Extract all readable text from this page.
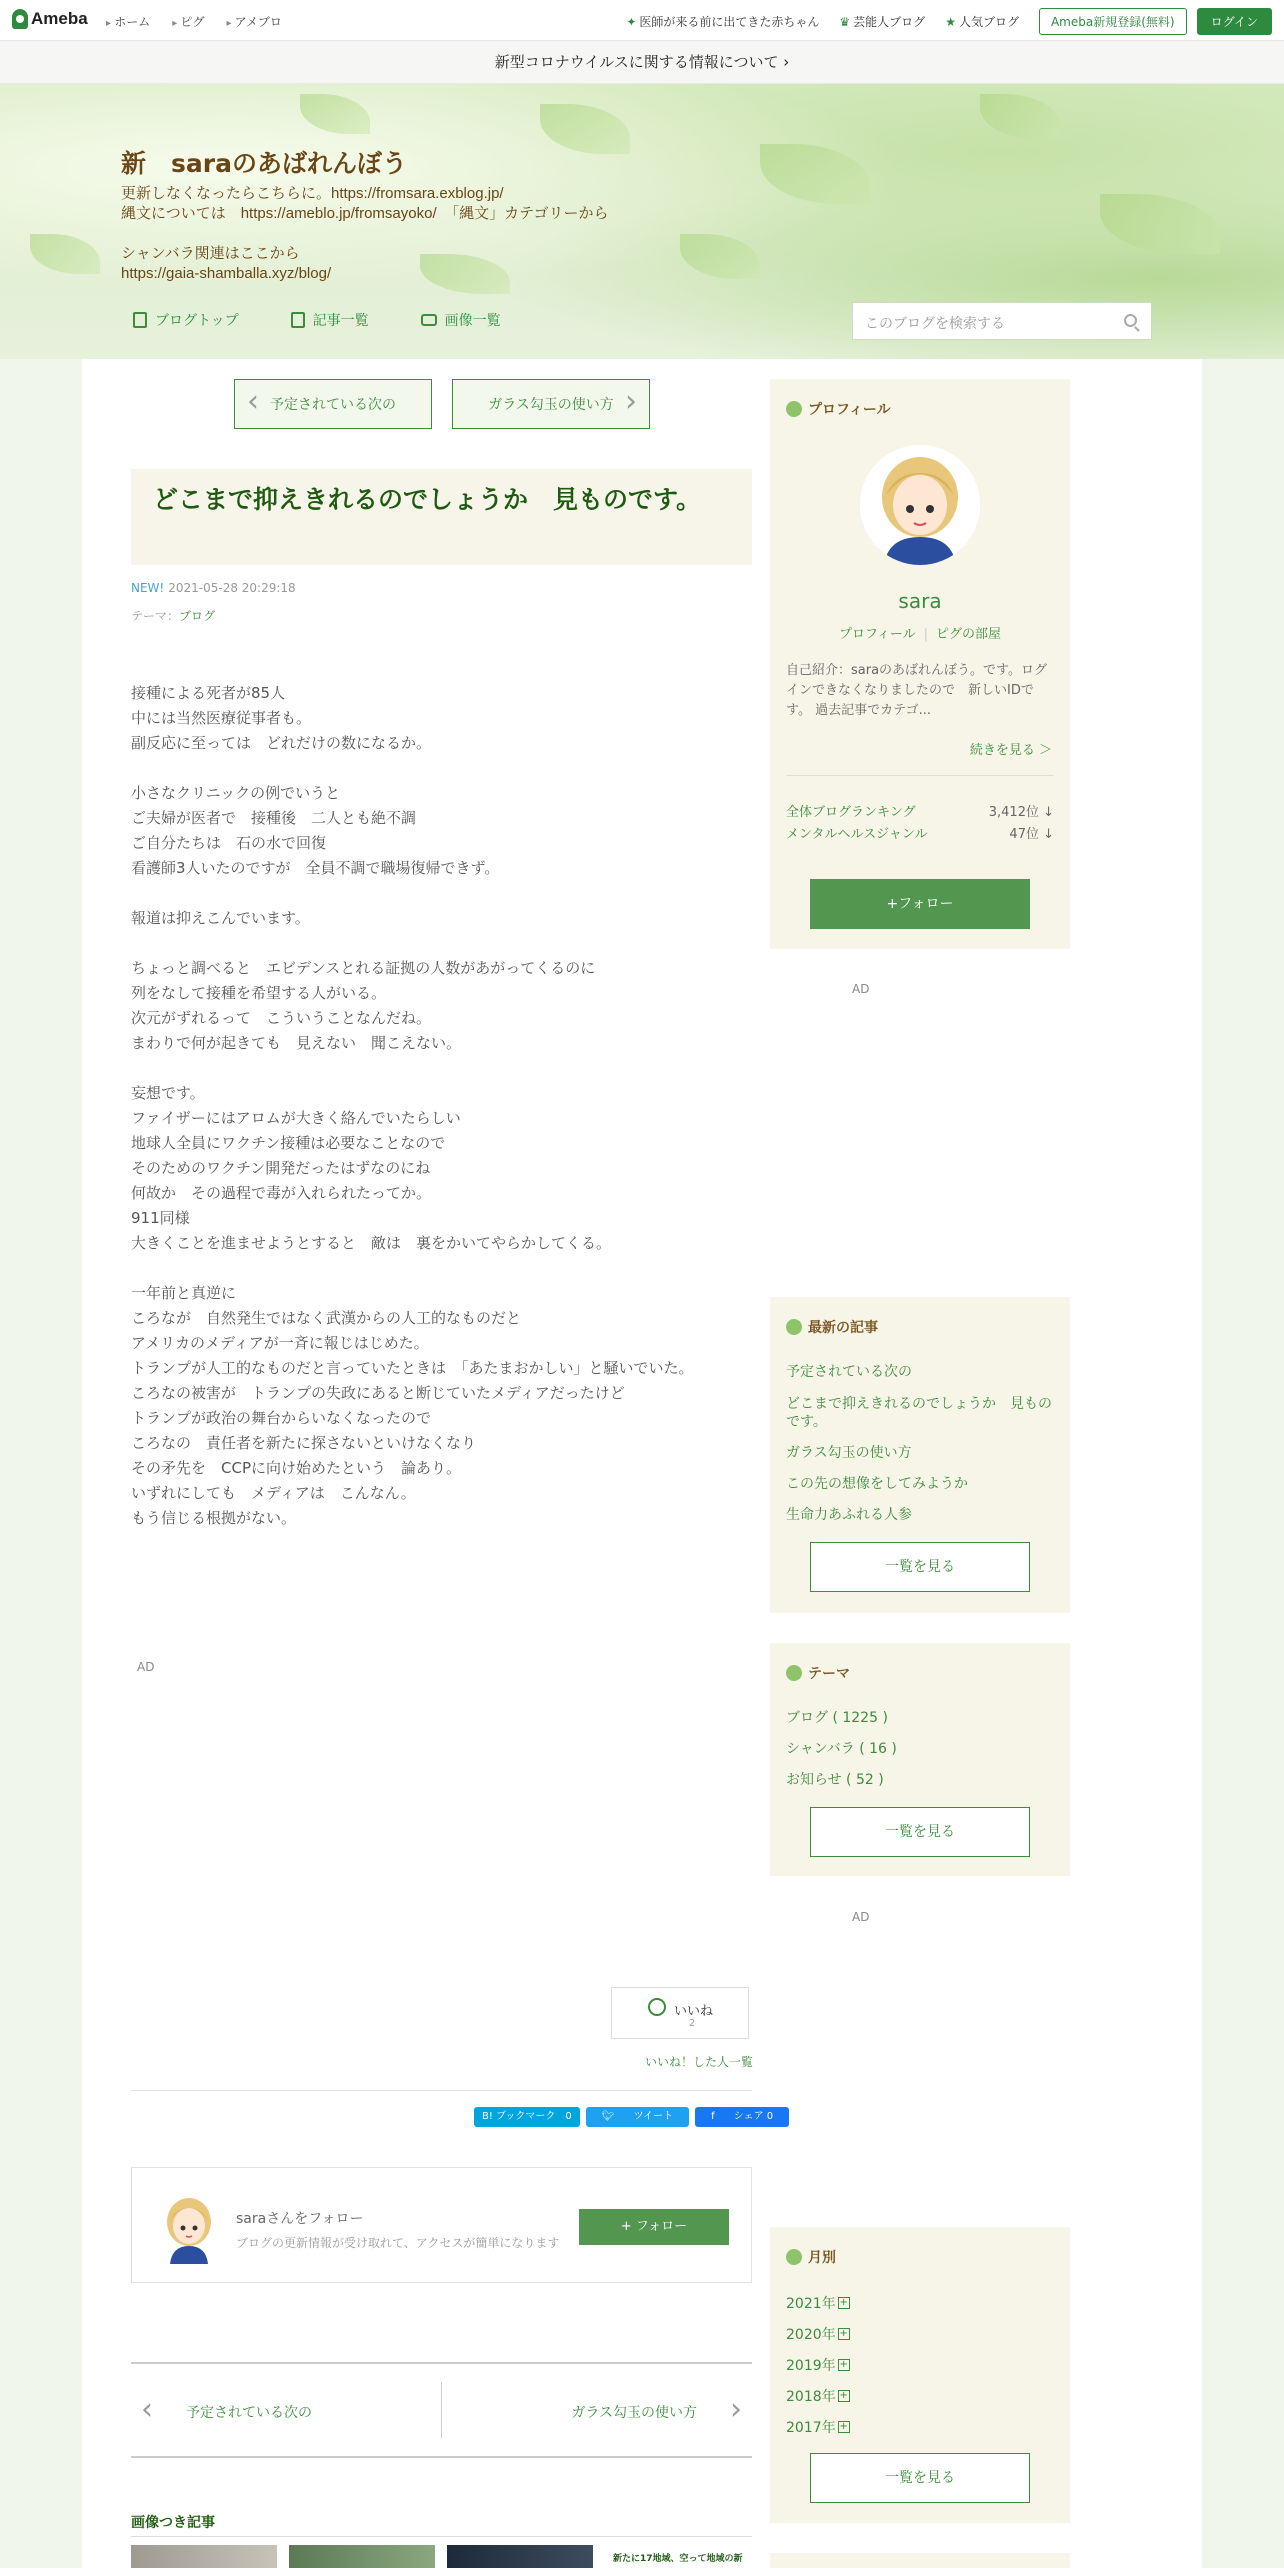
Ameba	▸ ホーム	▸ ピグ	▸ アメブロ	✦ 医師が来る前に出てきた赤ちゃん ♛ 芸能人ブログ ★ 人気ブログ	Ameba新規登録(無料)	ログイン
新型コロナウイルスに関する情報について ›
新　saraのあばれんぼう
更新しなくなったらこちらに。https://fromsara.exblog.jp/
縄文については　https://ameblo.jp/fromsayoko/　「縄文」カテゴリーから
シャンバラ関連はここから
https://gaia-shamballa.xyz/blog/
ブログトップ	記事一覧	画像一覧	このブログを検索する
‹ 予定されている次の	ガラス勾玉の使い方 ›
どこまで抑えきれるのでしょうか　見ものです。
NEW! 2021-05-28 20:29:18
テーマ：ブログ
接種による死者が85人
中には当然医療従事者も。
副反応に至っては　どれだけの数になるか。
小さなクリニックの例でいうと
ご夫婦が医者で　接種後　二人とも絶不調
ご自分たちは　石の水で回復
看護師3人いたのですが　全員不調で職場復帰できず。
報道は抑えこんでいます。
ちょっと調べると　エビデンスとれる証拠の人数があがってくるのに
列をなして接種を希望する人がいる。
次元がずれるって　こういうことなんだね。
まわりで何が起きても　見えない　聞こえない。
妄想です。
ファイザーにはアロムが大きく絡んでいたらしい
地球人全員にワクチン接種は必要なことなので
そのためのワクチン開発だったはずなのにね
何故か　その過程で毒が入れられたってか。
911同様
大きくことを進ませようとすると　敵は　裏をかいてやらかしてくる。
一年前と真逆に
ころなが　自然発生ではなく武漢からの人工的なものだと
アメリカのメディアが一斉に報じはじめた。
トランプが人工的なものだと言っていたときは　「あたまおかしい」と騒いでいた。
ころなの被害が　トランプの失政にあると断じていたメディアだったけど
トランプが政治の舞台からいなくなったので
ころなの　責任者を新たに探さないといけなくなり
その矛先を　CCPに向け始めたという　論あり。
いずれにしても　メディアは　こんなん。
もう信じる根拠がない。
AD
いいね
2
いいね！した人一覧
B! ブックマーク　0	🐦︎ ツイート	f シェア 0
saraさんをフォロー
ブログの更新情報が受け取れて、アクセスが簡単になります
+ フォロー
‹ 予定されている次の	ガラス勾玉の使い方 ›
画像つき記事
新たに17地域、空って地域の新
プロフィール
sara
プロフィール | ピグの部屋
自己紹介：saraのあばれんぼう。です。ログインできなくなりましたので　新しいIDです。 過去記事でカテゴ...
続きを見る ＞
全体ブログランキング	3,412位 ↓
メンタルヘルスジャンル	47位 ↓
+フォロー
AD
最新の記事
予定されている次の
どこまで抑えきれるのでしょうか　見ものです。
ガラス勾玉の使い方
この先の想像をしてみようか
生命力あふれる人参
一覧を見る
テーマ
ブログ ( 1225 )
シャンバラ ( 16 )
お知らせ ( 52 )
一覧を見る
AD
月別
2021年 +
2020年 +
2019年 +
2018年 +
2017年 +
一覧を見る
